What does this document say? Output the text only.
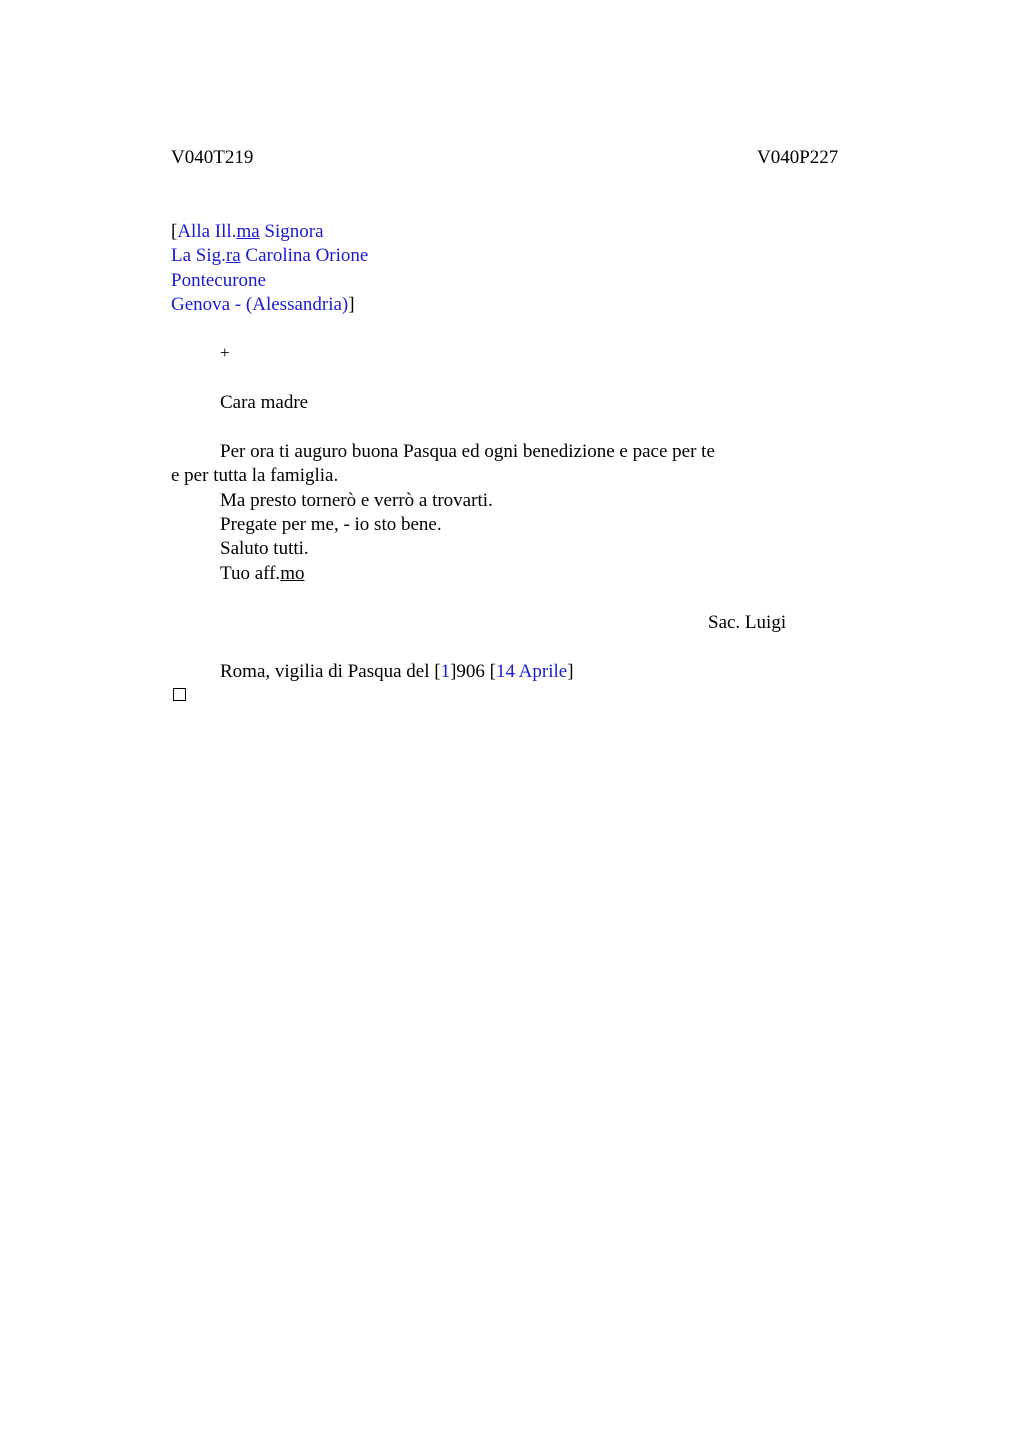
V040T219	V040P227
[Alla Ill.ma Signora
La Sig.ra Carolina Orione
Pontecurone
Genova - (Alessandria)]
+
Cara madre
Per ora ti auguro buona Pasqua ed ogni benedizione e pace per te
e per tutta la famiglia.
Ma presto tornerò e verrò a trovarti.
Pregate per me, - io sto bene.
Saluto tutti.
Tuo aff.mo
Sac. Luigi
Roma, vigilia di Pasqua del [1]906 [14 Aprile]
